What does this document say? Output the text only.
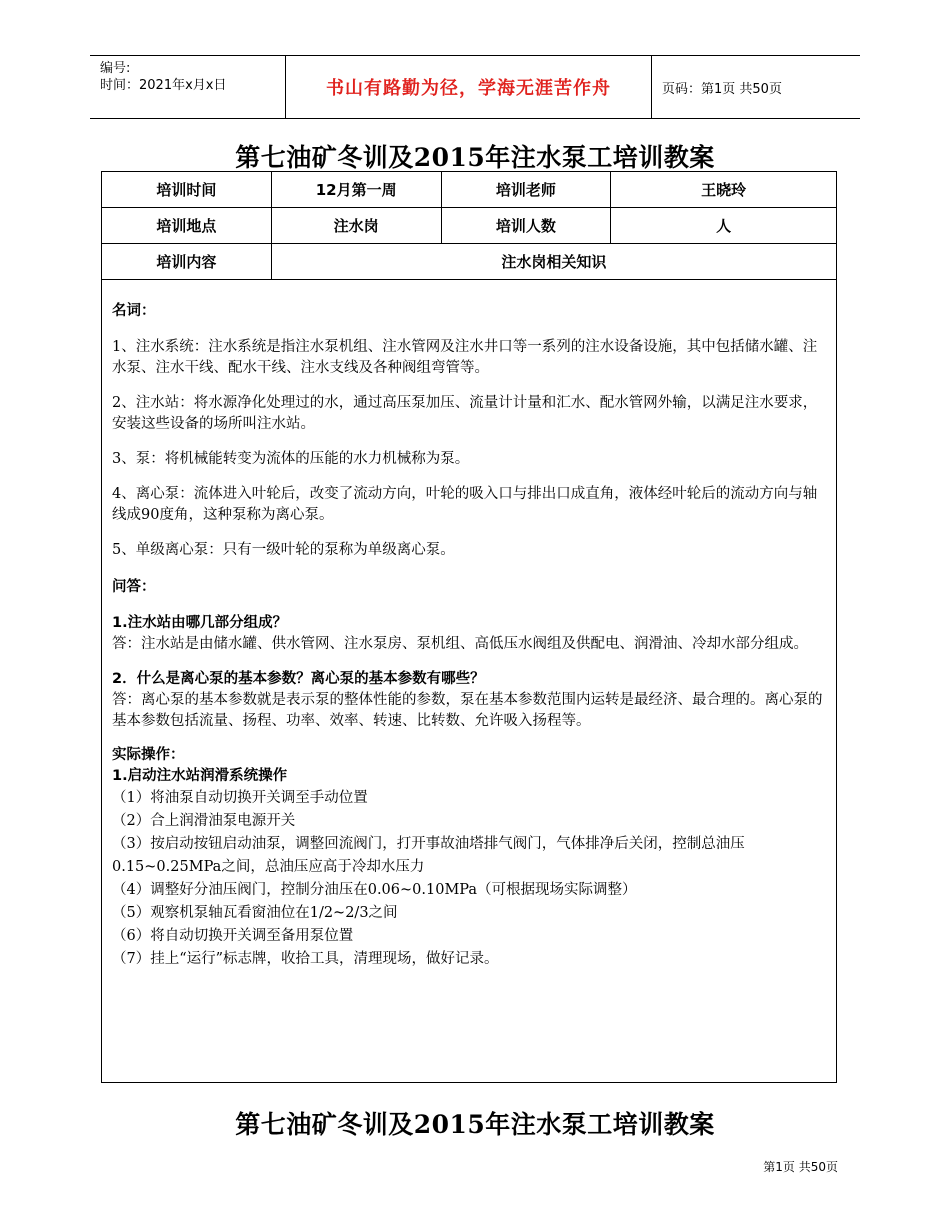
编号:
时间：2021年x月x日	书山有路勤为径，学海无涯苦作舟	页码：第1页 共50页
第七油矿冬训及2015年注水泵工培训教案
培训时间	12月第一周	培训老师	王晓玲
培训地点	注水岗	培训人数	人
培训内容	注水岗相关知识		

名词：

1、注水系统：注水系统是指注水泵机组、注水管网及注水井口等一系列的注水设备设施，其中包括储水罐、注水泵、注水干线、配水干线、注水支线及各种阀组弯管等。

2、注水站：将水源净化处理过的水，通过高压泵加压、流量计计量和汇水、配水管网外输，以满足注水要求，安装这些设备的场所叫注水站。

3、泵：将机械能转变为流体的压能的水力机械称为泵。

4、离心泵：流体进入叶轮后，改变了流动方向，叶轮的吸入口与排出口成直角，液体经叶轮后的流动方向与轴线成90度角，这种泵称为离心泵。

5、单级离心泵：只有一级叶轮的泵称为单级离心泵。

问答：

1.注水站由哪几部分组成？

答：注水站是由储水罐、供水管网、注水泵房、泵机组、高低压水阀组及供配电、润滑油、冷却水部分组成。

2．什么是离心泵的基本参数？离心泵的基本参数有哪些？

答：离心泵的基本参数就是表示泵的整体性能的参数，泵在基本参数范围内运转是最经济、最合理的。离心泵的基本参数包括流量、扬程、功率、效率、转速、比转数、允许吸入扬程等。

实际操作：

1.启动注水站润滑系统操作

（1）将油泵自动切换开关调至手动位置

（2）合上润滑油泵电源开关

（3）按启动按钮启动油泵，调整回流阀门，打开事故油塔排气阀门，气体排净后关闭，控制总油压0.15~0.25MPa之间，总油压应高于冷却水压力

（4）调整好分油压阀门，控制分油压在0.06~0.10MPa（可根据现场实际调整）

（5）观察机泵轴瓦看窗油位在1/2~2/3之间

（6）将自动切换开关调至备用泵位置

（7）挂上“运行”标志牌，收拾工具，清理现场，做好记录。

第七油矿冬训及2015年注水泵工培训教案
第1页 共50页
